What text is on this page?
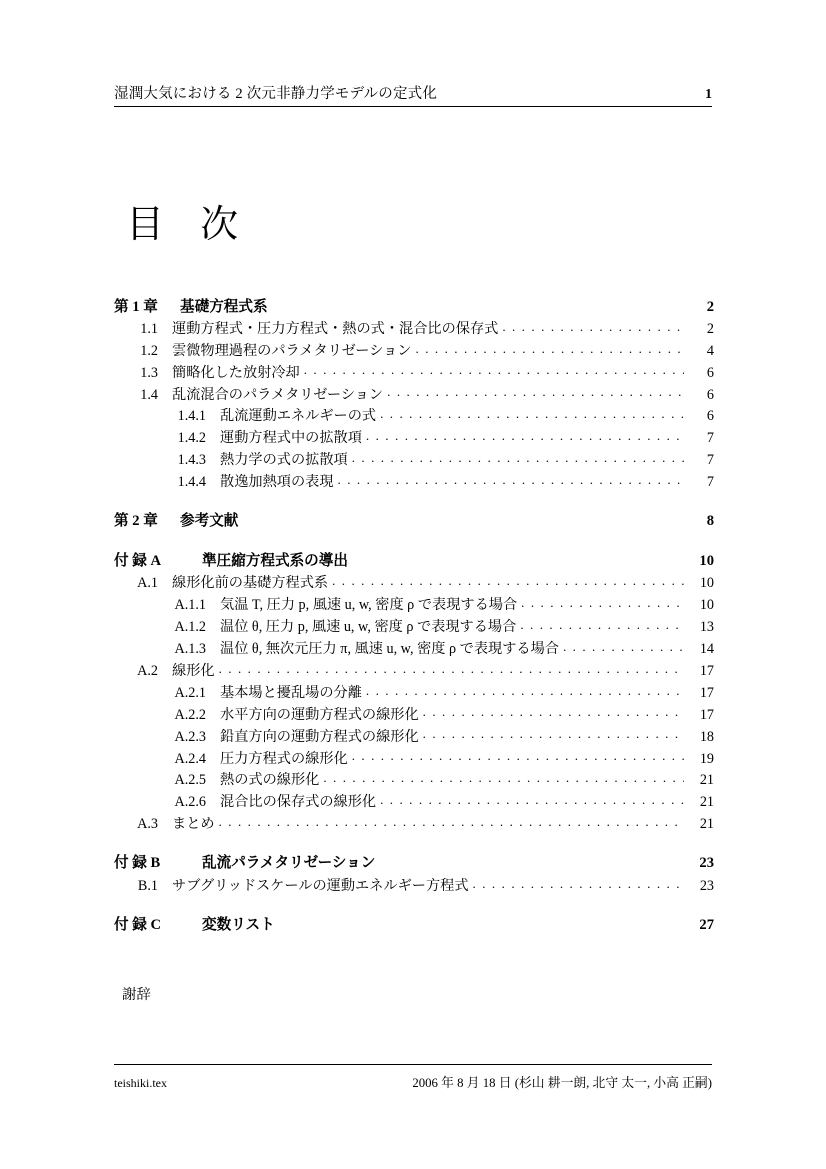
湿潤大気における 2 次元非静力学モデルの定式化	1
目 次
第 1 章	基礎方程式系	2
1.1 運動方程式・圧力方程式・熱の式・混合比の保存式 . . .	2
1.2 雲微物理過程のパラメタリゼーション . . .	4
1.3 簡略化した放射冷却 . . .	6
1.4 乱流混合のパラメタリゼーション . . .	6
1.4.1 乱流運動エネルギーの式 . . .	6
1.4.2 運動方程式中の拡散項 . . .	7
1.4.3 熱力学の式の拡散項 . . .	7
1.4.4 散逸加熱項の表現 . . .	7
第 2 章	参考文献	8
付 録 A	準圧縮方程式系の導出	10
A.1 線形化前の基礎方程式系 . . .	10
A.1.1 気温 T, 圧力 p, 風速 u, w, 密度 ρ で表現する場合 . . .	10
A.1.2 温位 θ, 圧力 p, 風速 u, w, 密度 ρ で表現する場合 . . .	13
A.1.3 温位 θ, 無次元圧力 π, 風速 u, w, 密度 ρ で表現する場合 . . .	14
A.2 線形化 . . .	17
A.2.1 基本場と擾乱場の分離 . . .	17
A.2.2 水平方向の運動方程式の線形化 . . .	17
A.2.3 鉛直方向の運動方程式の線形化 . . .	18
A.2.4 圧力方程式の線形化 . . .	19
A.2.5 熱の式の線形化 . . .	21
A.2.6 混合比の保存式の線形化 . . .	21
A.3 まとめ . . .	21
付 録 B	乱流パラメタリゼーション	23
B.1 サブグリッドスケールの運動エネルギー方程式 . . .	23
付 録 C	変数リスト	27
謝辞
teishiki.tex	2006 年 8 月 18 日 (杉山 耕一朗, 北守 太一, 小高 正嗣)
